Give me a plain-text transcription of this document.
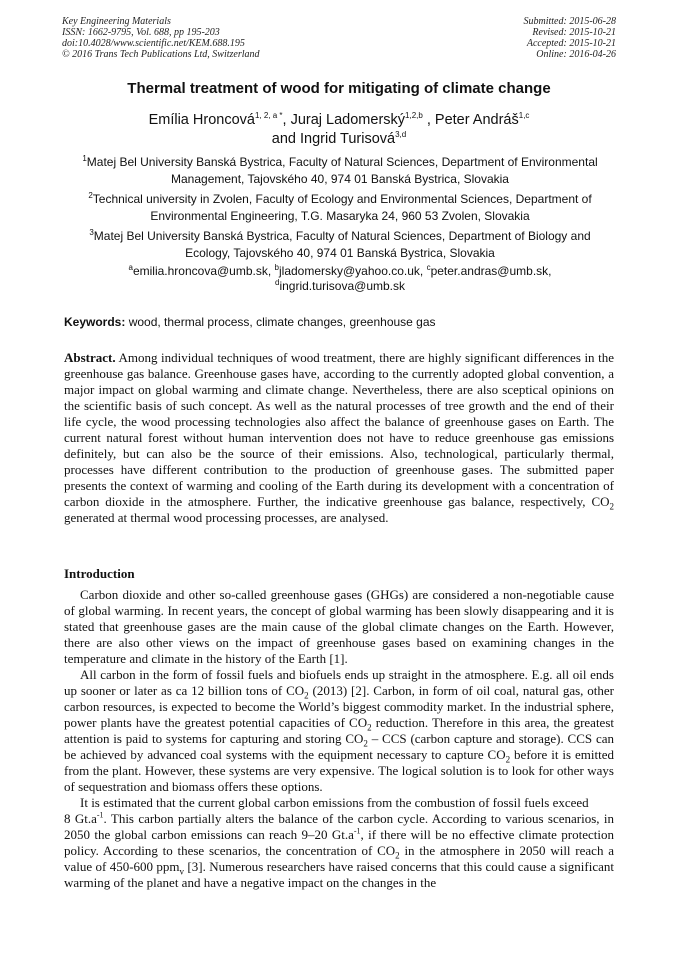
Key Engineering Materials
ISSN: 1662-9795, Vol. 688, pp 195-203
doi:10.4028/www.scientific.net/KEM.688.195
© 2016 Trans Tech Publications Ltd, Switzerland
Submitted: 2015-06-28
Revised: 2015-10-21
Accepted: 2015-10-21
Online: 2016-04-26
Thermal treatment of wood for mitigating of climate change
Emília Hroncová$^{1, 2, a *}$, Juraj Ladomerský$^{1,2,b}$ , Peter Andráš$^{1,c}$
and Ingrid Turisová$^{3,d}$
$^1$Matej Bel University Banská Bystrica, Faculty of Natural Sciences, Department of Environmental Management, Tajovského 40, 974 01 Banská Bystrica, Slovakia
$^2$Technical university in Zvolen, Faculty of Ecology and Environmental Sciences, Department of Environmental Engineering, T.G. Masaryka 24, 960 53 Zvolen, Slovakia
$^3$Matej Bel University Banská Bystrica, Faculty of Natural Sciences, Department of Biology and Ecology, Tajovského 40, 974 01 Banská Bystrica, Slovakia
$^a$emilia.hroncova@umb.sk, $^b$jladomersky@yahoo.co.uk, $^c$peter.andras@umb.sk,
$^d$ingrid.turisova@umb.sk
Keywords: wood, thermal process, climate changes, greenhouse gas

Abstract. Among individual techniques of wood treatment, there are highly significant differences in the greenhouse gas balance. Greenhouse gases have, according to the currently adopted global convention, a major impact on global warming and climate change. Nevertheless, there are also sceptical opinions on the scientific basis of such concept. As well as the natural processes of tree growth and the end of their life cycle, the wood processing technologies also affect the balance of greenhouse gases on Earth. The current natural forest without human intervention does not have to reduce greenhouse gas emissions definitely, but can also be the source of their emissions. Also, technological, particularly thermal, processes have different contribution to the production of greenhouse gases. The submitted paper presents the context of warming and cooling of the Earth during its development with a concentration of carbon dioxide in the atmosphere. Further, the indicative greenhouse gas balance, respectively, $CO_2$ generated at thermal wood processing processes, are analysed.

Introduction

Carbon dioxide and other so-called greenhouse gases (GHGs) are considered a non-negotiable cause of global warming. In recent years, the concept of global warming has been slowly disappearing and it is stated that greenhouse gases are the main cause of the global climate changes on the Earth. However, there are also other views on the impact of greenhouse gases based on examining changes in the temperature and climate in the history of the Earth [1].

All carbon in the form of fossil fuels and biofuels ends up straight in the atmosphere. E.g. all oil ends up sooner or later as ca 12 billion tons of $CO_2$ (2013) [2]. Carbon, in form of oil coal, natural gas, other carbon resources, is expected to become the World’s biggest commodity market. In the industrial sphere, power plants have the greatest potential capacities of $CO_2$ reduction. Therefore in this area, the greatest attention is paid to systems for capturing and storing $CO_2$ – CCS (carbon capture and storage). CCS can be achieved by advanced coal systems with the equipment necessary to capture $CO_2$ before it is emitted from the plant. However, these systems are very expensive. The logical solution is to look for other ways of sequestration and biomass offers these options.

It is estimated that the current global carbon emissions from the combustion of fossil fuels exceed

8 $Gt.a^{-1}$. This carbon partially alters the balance of the carbon cycle. According to various scenarios, in 2050 the global carbon emissions can reach 9–20 $Gt.a^{-1}$, if there will be no effective climate protection policy. According to these scenarios, the concentration of $CO_2$ in the atmosphere in 2050 will reach a value of 450-600 ppm$_v$ [3]. Numerous researchers have raised concerns that this could cause a significant warming of the planet and have a negative impact on the changes in the
